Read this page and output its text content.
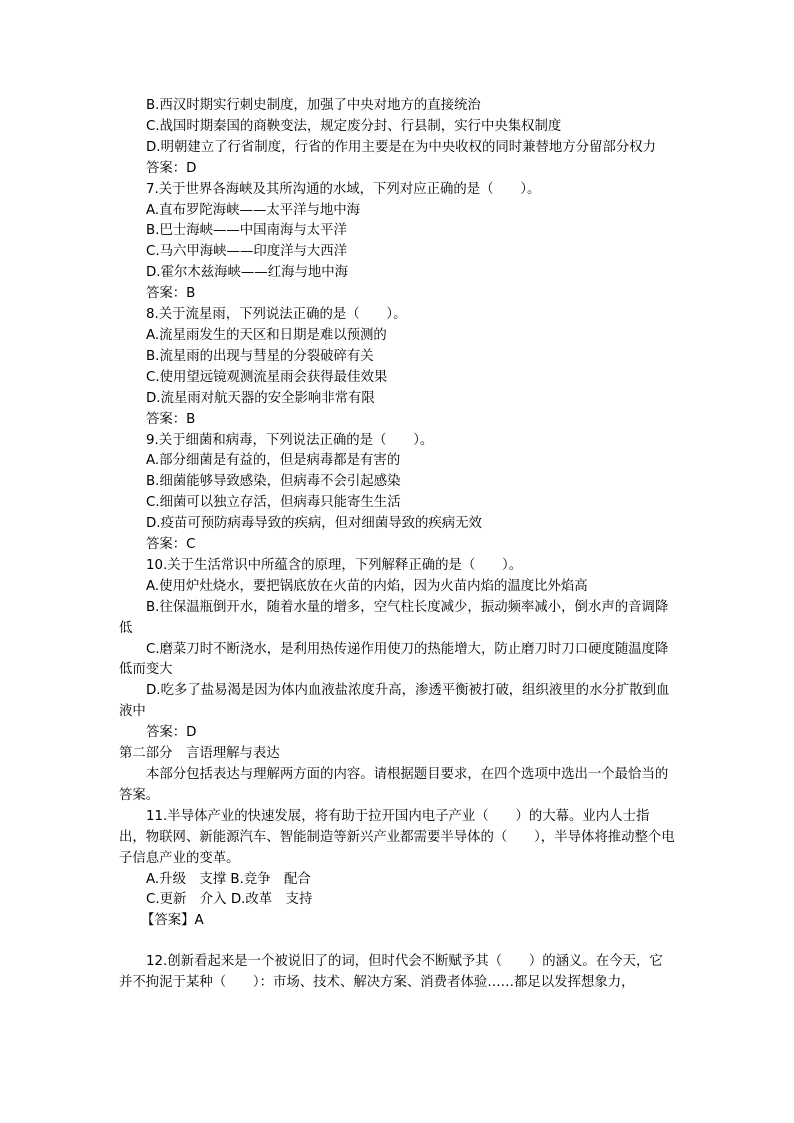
B.西汉时期实行刺史制度，加强了中央对地方的直接统治

C.战国时期秦国的商鞅变法，规定废分封、行县制，实行中央集权制度

D.明朝建立了行省制度，行省的作用主要是在为中央收权的同时兼替地方分留部分权力

答案：D

7.关于世界各海峡及其所沟通的水域，下列对应正确的是（　　）。

A.直布罗陀海峡——太平洋与地中海

B.巴士海峡——中国南海与太平洋

C.马六甲海峡——印度洋与大西洋

D.霍尔木兹海峡——红海与地中海

答案：B

8.关于流星雨，下列说法正确的是（　　）。

A.流星雨发生的天区和日期是难以预测的

B.流星雨的出现与彗星的分裂破碎有关

C.使用望远镜观测流星雨会获得最佳效果

D.流星雨对航天器的安全影响非常有限

答案：B

9.关于细菌和病毒，下列说法正确的是（　　）。

A.部分细菌是有益的，但是病毒都是有害的

B.细菌能够导致感染，但病毒不会引起感染

C.细菌可以独立存活，但病毒只能寄生生活

D.疫苗可预防病毒导致的疾病，但对细菌导致的疾病无效

答案：C

10.关于生活常识中所蕴含的原理，下列解释正确的是（　　）。

A.使用炉灶烧水，要把锅底放在火苗的内焰，因为火苗内焰的温度比外焰高

B.往保温瓶倒开水，随着水量的增多，空气柱长度减少，振动频率减小，倒水声的音调降低

C.磨菜刀时不断浇水，是利用热传递作用使刀的热能增大，防止磨刀时刀口硬度随温度降低而变大

D.吃多了盐易渴是因为体内血液盐浓度升高，渗透平衡被打破，组织液里的水分扩散到血液中

答案：D

第二部分　言语理解与表达

本部分包括表达与理解两方面的内容。请根据题目要求，在四个选项中选出一个最恰当的答案。

11.半导体产业的快速发展，将有助于拉开国内电子产业（　　）的大幕。业内人士指出，物联网、新能源汽车、智能制造等新兴产业都需要半导体的（　　），半导体将推动整个电子信息产业的变革。

A.升级　支撑 B.竞争　配合

C.更新　介入 D.改革　支持

【答案】A

12.创新看起来是一个被说旧了的词，但时代会不断赋予其（　　）的涵义。在今天，它并不拘泥于某种（　　）：市场、技术、解决方案、消费者体验……都足以发挥想象力，
